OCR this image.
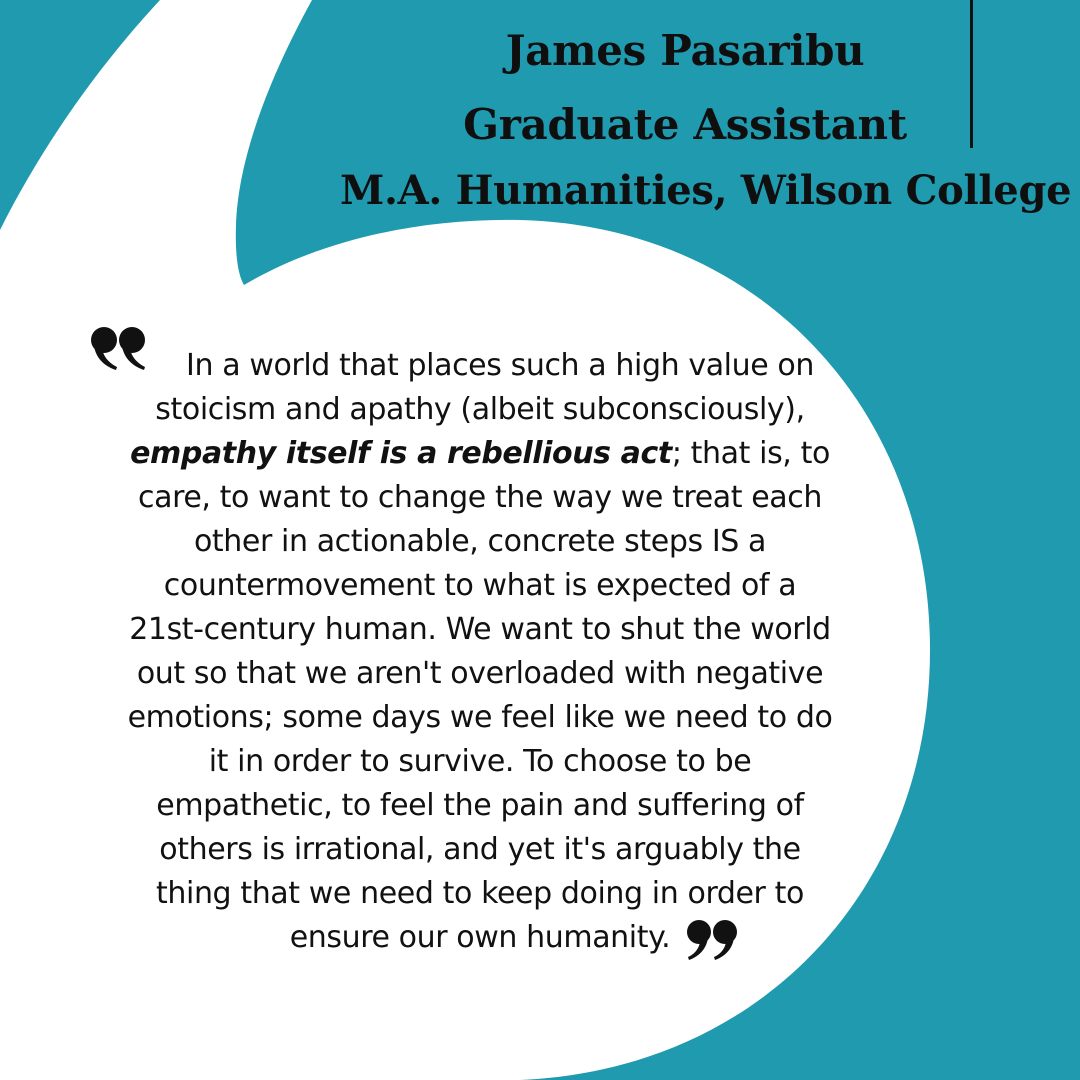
James Pasaribu
Graduate Assistant
M.A. Humanities, Wilson College

In a world that places such a high value on
stoicism and apathy (albeit subconsciously),
empathy itself is a rebellious act; that is, to
care, to want to change the way we treat each
other in actionable, concrete steps IS a
countermovement to what is expected of a
21st-century human. We want to shut the world
out so that we aren't overloaded with negative
emotions; some days we feel like we need to do
it in order to survive. To choose to be
empathetic, to feel the pain and suffering of
others is irrational, and yet it's arguably the
thing that we need to keep doing in order to
ensure our own humanity.
